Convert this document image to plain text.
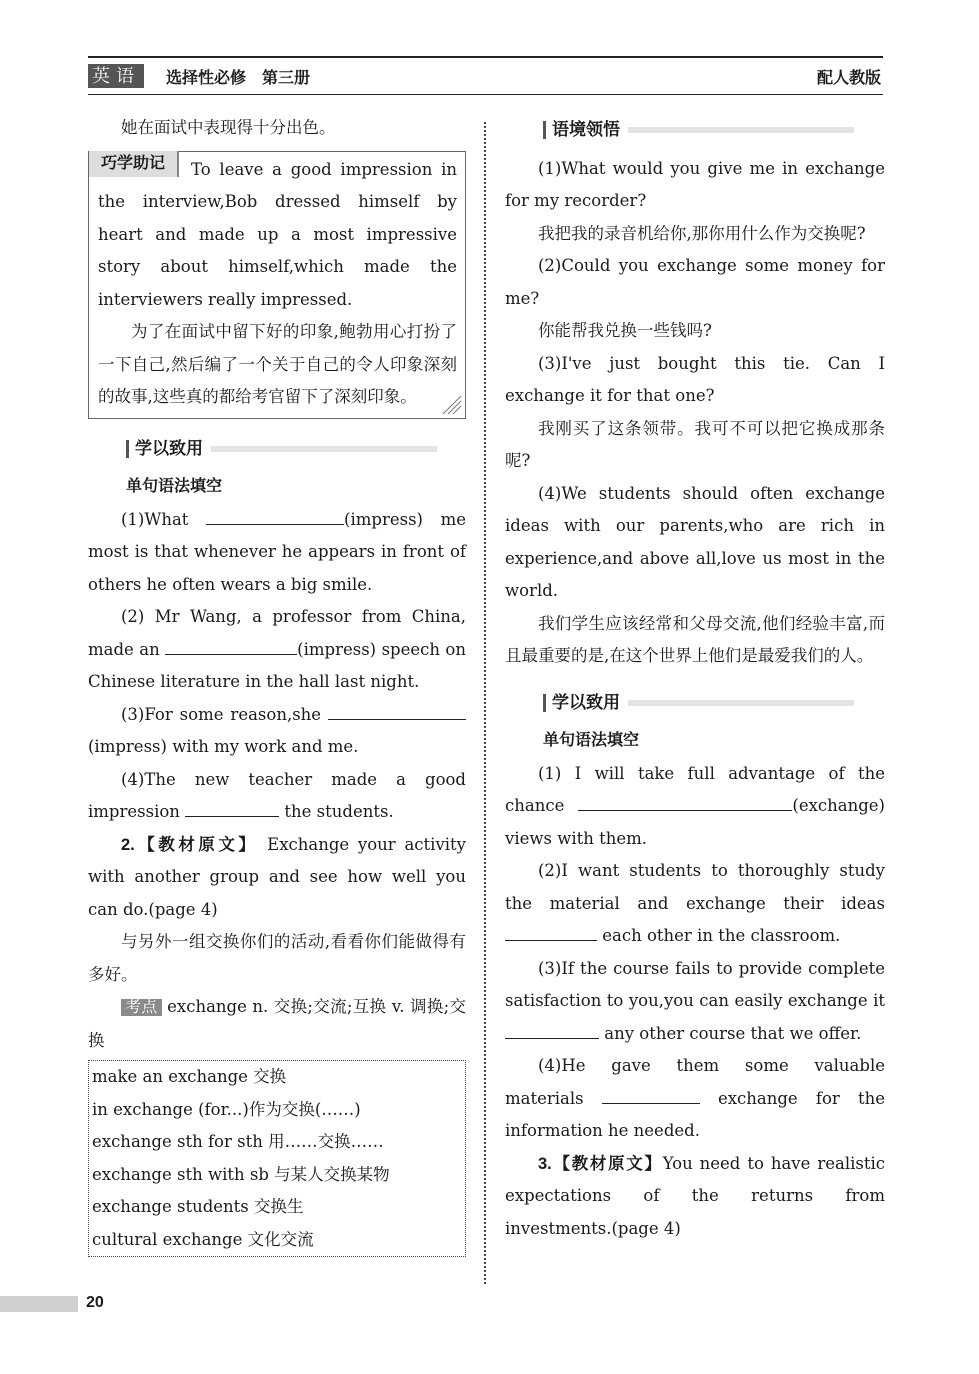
英语 选择性必修　第三册	配人教版

她在面试中表现得十分出色。

巧学助记	To leave a good impression in the interview,Bob dressed himself by heart and made up a most impressive story about himself,which made the interviewers really impressed.

为了在面试中留下好的印象,鲍勃用心打扮了一下自己,然后编了一个关于自己的令人印象深刻的故事,这些真的都给考官留下了深刻印象。

学以致用
单句语法填空

(1)What	(impress) me most is that whenever he appears in front of others he often wears a big smile.

(2) Mr Wang, a professor from China, made an	(impress) speech on Chinese literature in the hall last night.

(3)For some reason,she (impress) with my work and me.

(4)The new teacher made a good impression	the students.

2.【教材原文】 Exchange your activity with another group and see how well you can do.(page 4)

与另外一组交换你们的活动,看看你们能做得有多好。

考点 exchange n. 交换;交流;互换 v. 调换;交换

make an exchange 交换
in exchange (for...)作为交换(……)
exchange sth for sth 用……交换……
exchange sth with sb 与某人交换某物
exchange students 交换生
cultural exchange 文化交流
语境领悟

(1)What would you give me in exchange for my recorder?

我把我的录音机给你,那你用什么作为交换呢?

(2)Could you exchange some money for me?

你能帮我兑换一些钱吗?

(3)I've just bought this tie. Can I exchange it for that one?

我刚买了这条领带。我可不可以把它换成那条呢?

(4)We students should often exchange ideas with our parents,who are rich in experience,and above all,love us most in the world.

我们学生应该经常和父母交流,他们经验丰富,而且最重要的是,在这个世界上他们是最爱我们的人。

学以致用
单句语法填空

(1) I will take full advantage of the chance	(exchange) views with them.

(2)I want students to thoroughly study the material and exchange their ideas  each other in the classroom.

(3)If the course fails to provide complete satisfaction to you,you can easily exchange it  any other course that we offer.

(4)He gave them some valuable materials	exchange for the information he needed.

3.【教材原文】You need to have realistic expectations of the returns from investments.(page 4)

20
